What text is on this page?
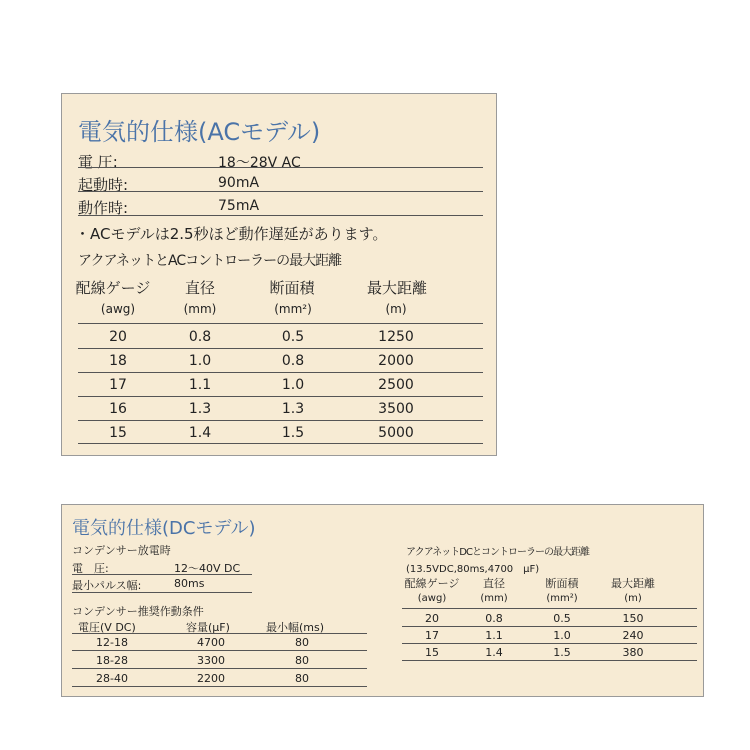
電気的仕様(ACモデル)
電 圧:	18～28V AC
起動時:	90mA
動作時:	75mA
・ACモデルは2.5秒ほど動作遅延があります。
アクアネットとACコントローラーの最大距離
配線ゲージ	直径	断面積	最大距離
(awg)	(mm)	(mm²)	(m)
20	0.8	0.5	1250
18	1.0	0.8	2000
17	1.1	1.0	2500
16	1.3	1.3	3500
15	1.4	1.5	5000
電気的仕様(DCモデル)
コンデンサー放電時
電　圧:	12～40V DC
最小パルス幅:	80ms
コンデンサー推奨作動条件
電圧(V DC)	容量(μF)	最小幅(ms)
12-18	4700	80
18-28	3300	80
28-40	2200	80
アクアネットDCとコントローラーの最大距離
(13.5VDC,80ms,4700　μF)
配線ゲージ	直径	断面積	最大距離
(awg)	(mm)	(mm²)	(m)
20	0.8	0.5	150
17	1.1	1.0	240
15	1.4	1.5	380
